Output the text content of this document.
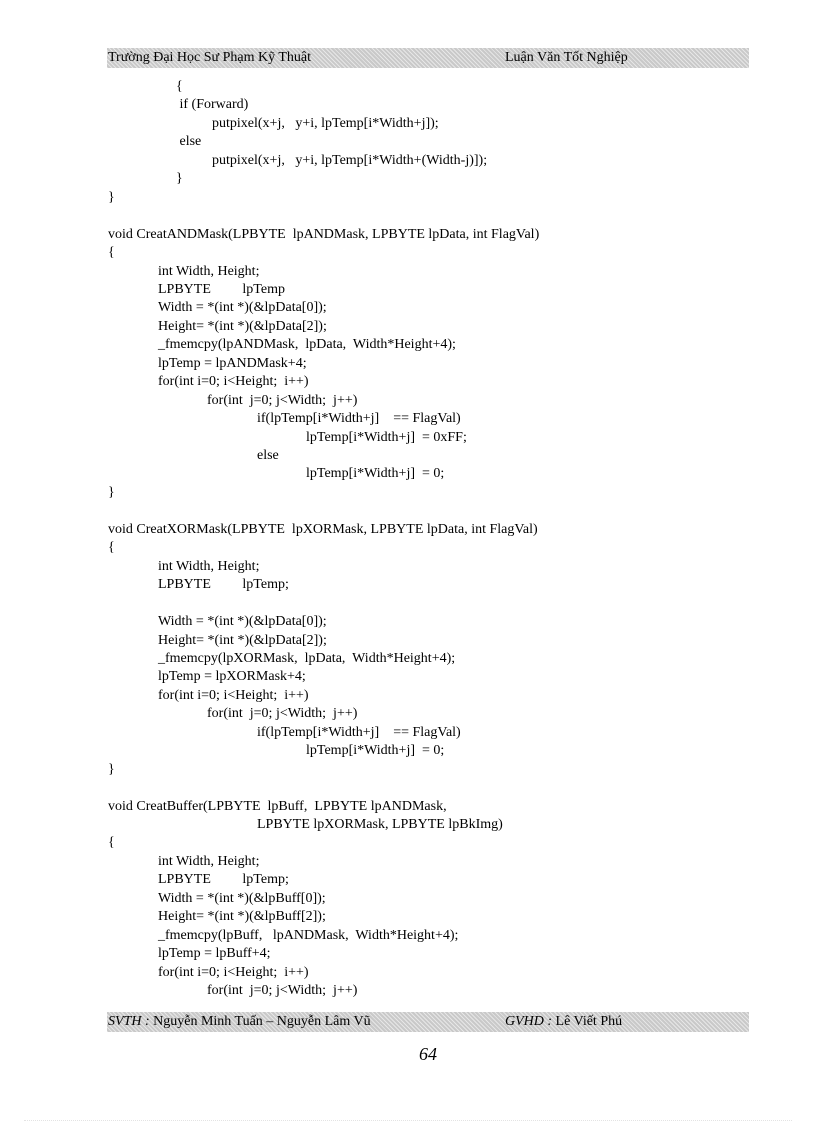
Trường Đại Học Sư Phạm Kỹ Thuật	Luận Văn Tốt Nghiệp
{
if (Forward)
putpixel(x+j,   y+i, lpTemp[i*Width+j]);
else
putpixel(x+j,   y+i, lpTemp[i*Width+(Width-j)]);
}
}
void CreatANDMask(LPBYTE  lpANDMask, LPBYTE lpData, int FlagVal)
{
int Width, Height;
LPBYTE         lpTemp
Width = *(int *)(&lpData[0]);
Height= *(int *)(&lpData[2]);
_fmemcpy(lpANDMask,  lpData,  Width*Height+4);
lpTemp = lpANDMask+4;
for(int i=0; i<Height;  i++)
for(int  j=0; j<Width;  j++)
if(lpTemp[i*Width+j]    == FlagVal)
lpTemp[i*Width+j]  = 0xFF;
else
lpTemp[i*Width+j]  = 0;
}
void CreatXORMask(LPBYTE  lpXORMask, LPBYTE lpData, int FlagVal)
{
int Width, Height;
LPBYTE         lpTemp;
Width = *(int *)(&lpData[0]);
Height= *(int *)(&lpData[2]);
_fmemcpy(lpXORMask,  lpData,  Width*Height+4);
lpTemp = lpXORMask+4;
for(int i=0; i<Height;  i++)
for(int  j=0; j<Width;  j++)
if(lpTemp[i*Width+j]    == FlagVal)
lpTemp[i*Width+j]  = 0;
}
void CreatBuffer(LPBYTE  lpBuff,  LPBYTE lpANDMask,
LPBYTE lpXORMask, LPBYTE lpBkImg)
{
int Width, Height;
LPBYTE         lpTemp;
Width = *(int *)(&lpBuff[0]);
Height= *(int *)(&lpBuff[2]);
_fmemcpy(lpBuff,   lpANDMask,  Width*Height+4);
lpTemp = lpBuff+4;
for(int i=0; i<Height;  i++)
for(int  j=0; j<Width;  j++)
SVTH : Nguyễn Minh Tuấn – Nguyễn Lâm Vũ	GVHD : Lê Viết Phú
64
